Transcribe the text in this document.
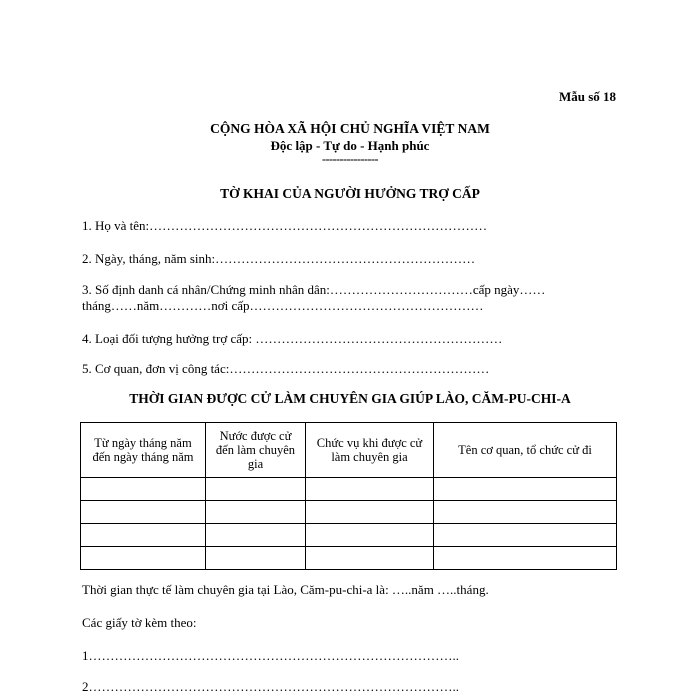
Mẫu số 18
CỘNG HÒA XÃ HỘI CHỦ NGHĨA VIỆT NAM
Độc lập - Tự do - Hạnh phúc
----------------
TỜ KHAI CỦA NGƯỜI HƯỞNG TRỢ CẤP
1. Họ và tên:……………………………………………………………………
2. Ngày, tháng, năm sinh:……………………………………………………
3. Số định danh cá nhân/Chứng minh nhân dân:……………………………cấp ngày……
tháng……năm…………nơi cấp………………………………………………
4. Loại đối tượng hưởng trợ cấp: …………………………………………………
5. Cơ quan, đơn vị công tác:……………………………………………………
THỜI GIAN ĐƯỢC CỬ LÀM CHUYÊN GIA GIÚP LÀO, CĂM-PU-CHI-A
Từ ngày tháng năm đến ngày tháng năm	Nước được cử đến làm chuyên gia	Chức vụ khi được cử làm chuyên gia	Tên cơ quan, tổ chức cử đi

Thời gian thực tế làm chuyên gia tại Lào, Căm-pu-chi-a là: …..năm …..tháng.
Các giấy tờ kèm theo:
1…………………………………………………………………………..
2…………………………………………………………………………..
